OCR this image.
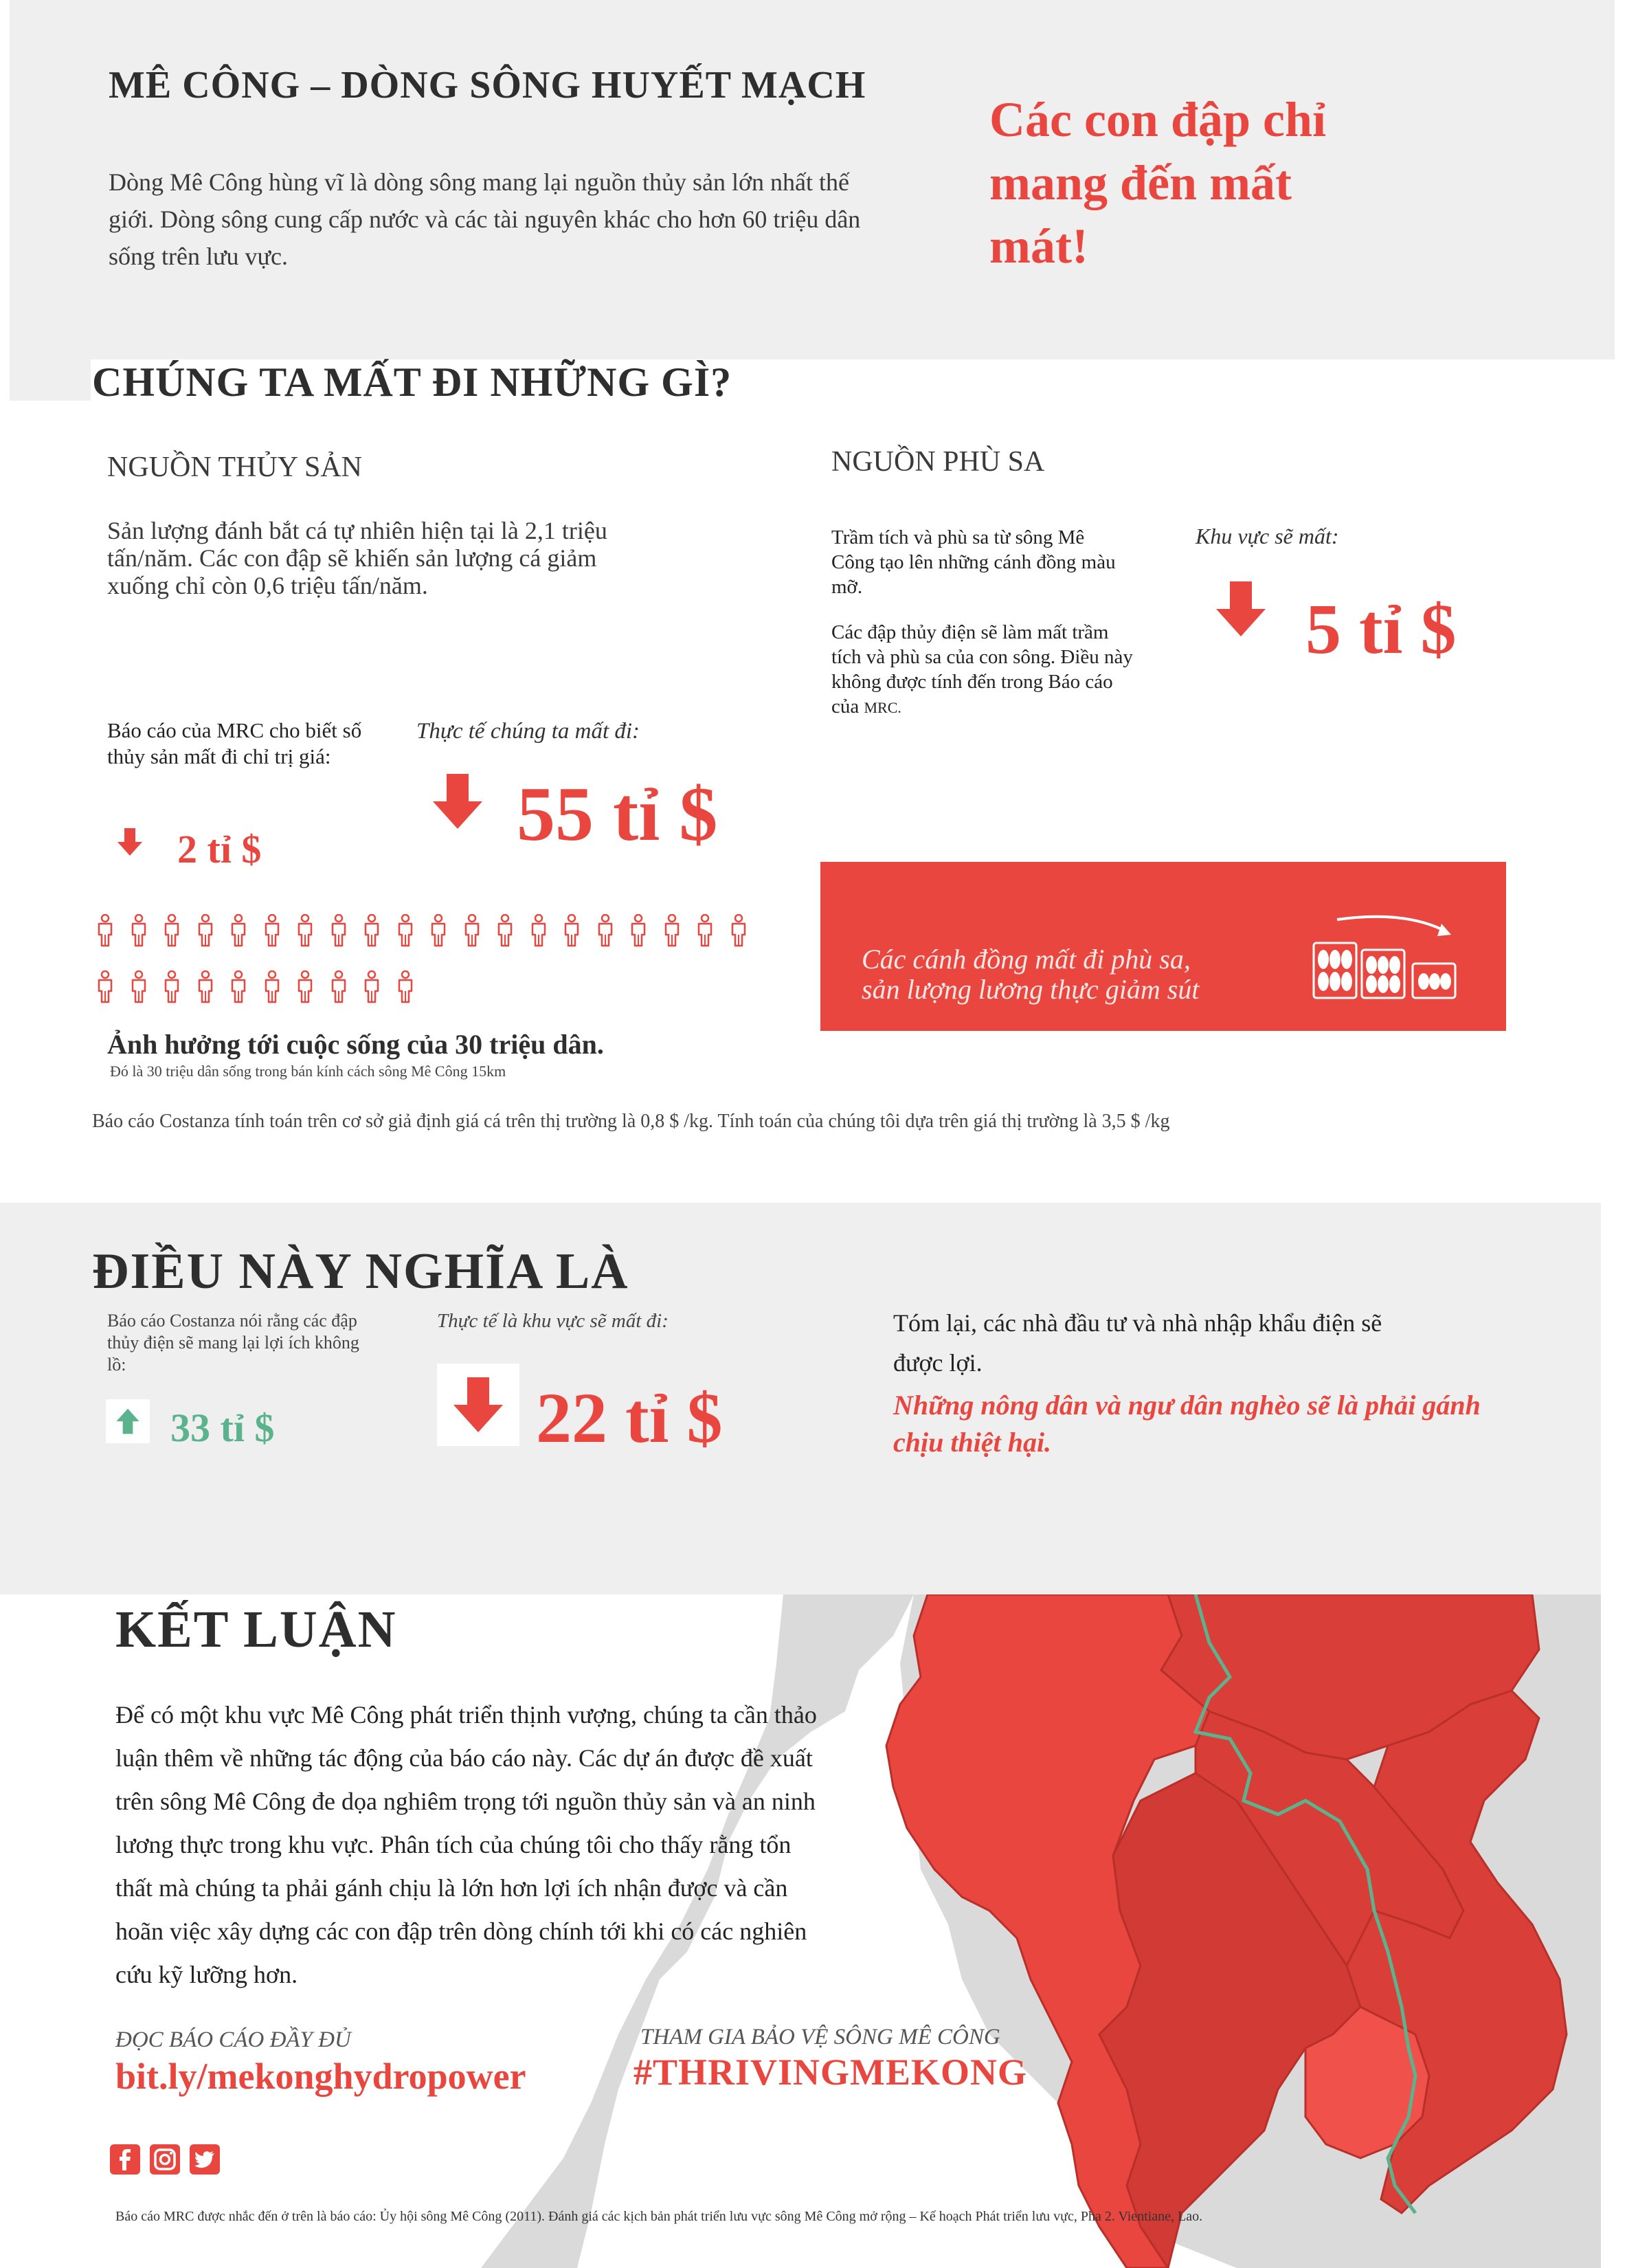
MÊ CÔNG – DÒNG SÔNG HUYẾT MẠCH
Dòng Mê Công hùng vĩ là dòng sông mang lại nguồn thủy sản lớn nhất thế giới. Dòng sông cung cấp nước và các tài nguyên khác cho hơn 60 triệu dân sống trên lưu vực.
Các con đập chỉ mang đến mất mát!
CHÚNG TA MẤT ĐI NHỮNG GÌ?
NGUỒN THỦY SẢN
Sản lượng đánh bắt cá tự nhiên hiện tại là 2,1 triệu tấn/năm. Các con đập sẽ khiến sản lượng cá giảm xuống chỉ còn 0,6 triệu tấn/năm.
Báo cáo của MRC cho biết số thủy sản mất đi chỉ trị giá:
2 tỉ $
Thực tế chúng ta mất đi:
55 tỉ $
Ảnh hưởng tới cuộc sống của 30 triệu dân.
Đó là 30 triệu dân sống trong bán kính cách sông Mê Công 15km
NGUỒN PHÙ SA
Trầm tích và phù sa từ sông Mê Công tạo lên những cánh đồng màu mỡ.
Các đập thủy điện sẽ làm mất trầm tích và phù sa của con sông. Điều này không được tính đến trong Báo cáo của MRC.
Khu vực sẽ mất:
5 tỉ $
Các cánh đồng mất đi phù sa,
sản lượng lương thực giảm sút
Báo cáo Costanza tính toán trên cơ sở giả định giá cá trên thị trường là 0,8 $ /kg. Tính toán của chúng tôi dựa trên giá thị trường là 3,5 $ /kg
ĐIỀU NÀY NGHĨA LÀ
Báo cáo Costanza nói rằng các đập thủy điện sẽ mang lại lợi ích không lồ:
33 tỉ $
Thực tế là khu vực sẽ mất đi:
22 tỉ $
Tóm lại, các nhà đầu tư và nhà nhập khẩu điện sẽ được lợi.
Những nông dân và ngư dân nghèo sẽ là phải gánh chịu thiệt hại.
KẾT LUẬN
Để có một khu vực Mê Công phát triển thịnh vượng, chúng ta cần thảo luận thêm về những tác động của báo cáo này. Các dự án được đề xuất trên sông Mê Công đe dọa nghiêm trọng tới nguồn thủy sản và an ninh lương thực trong khu vực. Phân tích của chúng tôi cho thấy rằng tổn thất mà chúng ta phải gánh chịu là lớn hơn lợi ích nhận được và cần hoãn việc xây dựng các con đập trên dòng chính tới khi có các nghiên cứu kỹ lưỡng hơn.
ĐỌC BÁO CÁO ĐẦY ĐỦ
bit.ly/mekonghydropower
THAM GIA BẢO VỆ SÔNG MÊ CÔNG
#THRIVINGMEKONG
Báo cáo MRC được nhắc đến ở trên là báo cáo: Ủy hội sông Mê Công (2011). Đánh giá các kịch bản phát triển lưu vực sông Mê Công mở rộng – Kế hoạch Phát triển lưu vực, Pha 2. Vientiane, Lao.
